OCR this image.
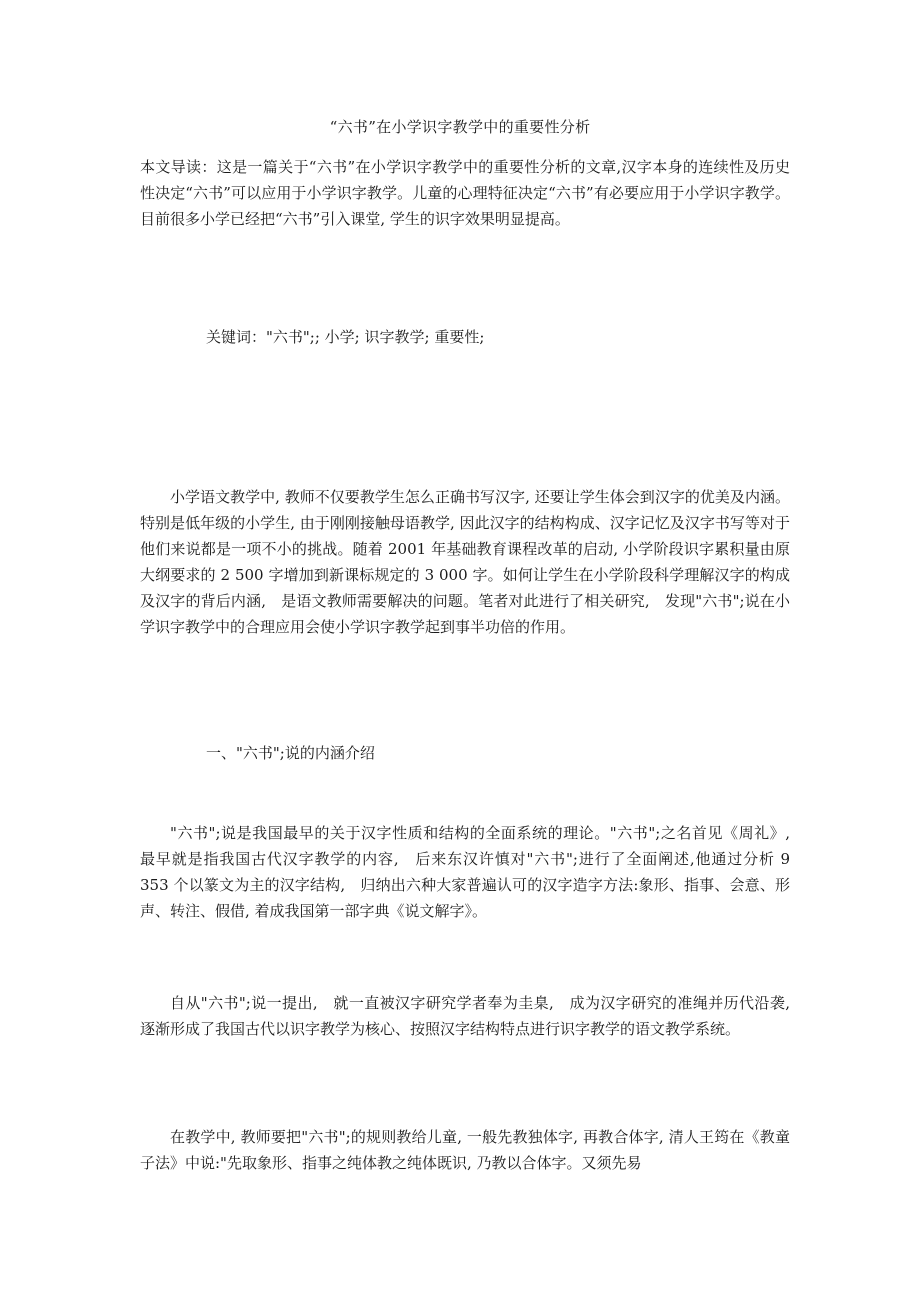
“六书”在小学识字教学中的重要性分析
本文导读：这是一篇关于“六书”在小学识字教学中的重要性分析的文章,汉字本身的连续性及历史性决定“六书”可以应用于小学识字教学。儿童的心理特征决定“六书”有必要应用于小学识字教学。目前很多小学已经把“六书”引入课堂, 学生的识字效果明显提高。
关键词："六书";; 小学; 识字教学; 重要性;
小学语文教学中, 教师不仅要教学生怎么正确书写汉字, 还要让学生体会到汉字的优美及内涵。特别是低年级的小学生, 由于刚刚接触母语教学, 因此汉字的结构构成、汉字记忆及汉字书写等对于他们来说都是一项不小的挑战。随着 2001 年基础教育课程改革的启动, 小学阶段识字累积量由原大纲要求的 2 500 字增加到新课标规定的 3 000 字。如何让学生在小学阶段科学理解汉字的构成及汉字的背后内涵,　是语文教师需要解决的问题。笔者对此进行了相关研究,　发现"六书";说在小学识字教学中的合理应用会使小学识字教学起到事半功倍的作用。
一、"六书";说的内涵介绍
"六书";说是我国最早的关于汉字性质和结构的全面系统的理论。"六书";之名首见《周礼》,　最早就是指我国古代汉字教学的内容,　后来东汉许慎对"六书";进行了全面阐述,他通过分析 9　353 个以篆文为主的汉字结构,　归纳出六种大家普遍认可的汉字造字方法:象形、指事、会意、形声、转注、假借, 着成我国第一部字典《说文解字》。
自从"六书";说一提出,　就一直被汉字研究学者奉为圭臬,　成为汉字研究的准绳并历代沿袭,　逐渐形成了我国古代以识字教学为核心、按照汉字结构特点进行识字教学的语文教学系统。
在教学中, 教师要把"六书";的规则教给儿童, 一般先教独体字, 再教合体字, 清人王筠在《教童子法》中说:"先取象形、指事之纯体教之纯体既识, 乃教以合体字。又须先易
